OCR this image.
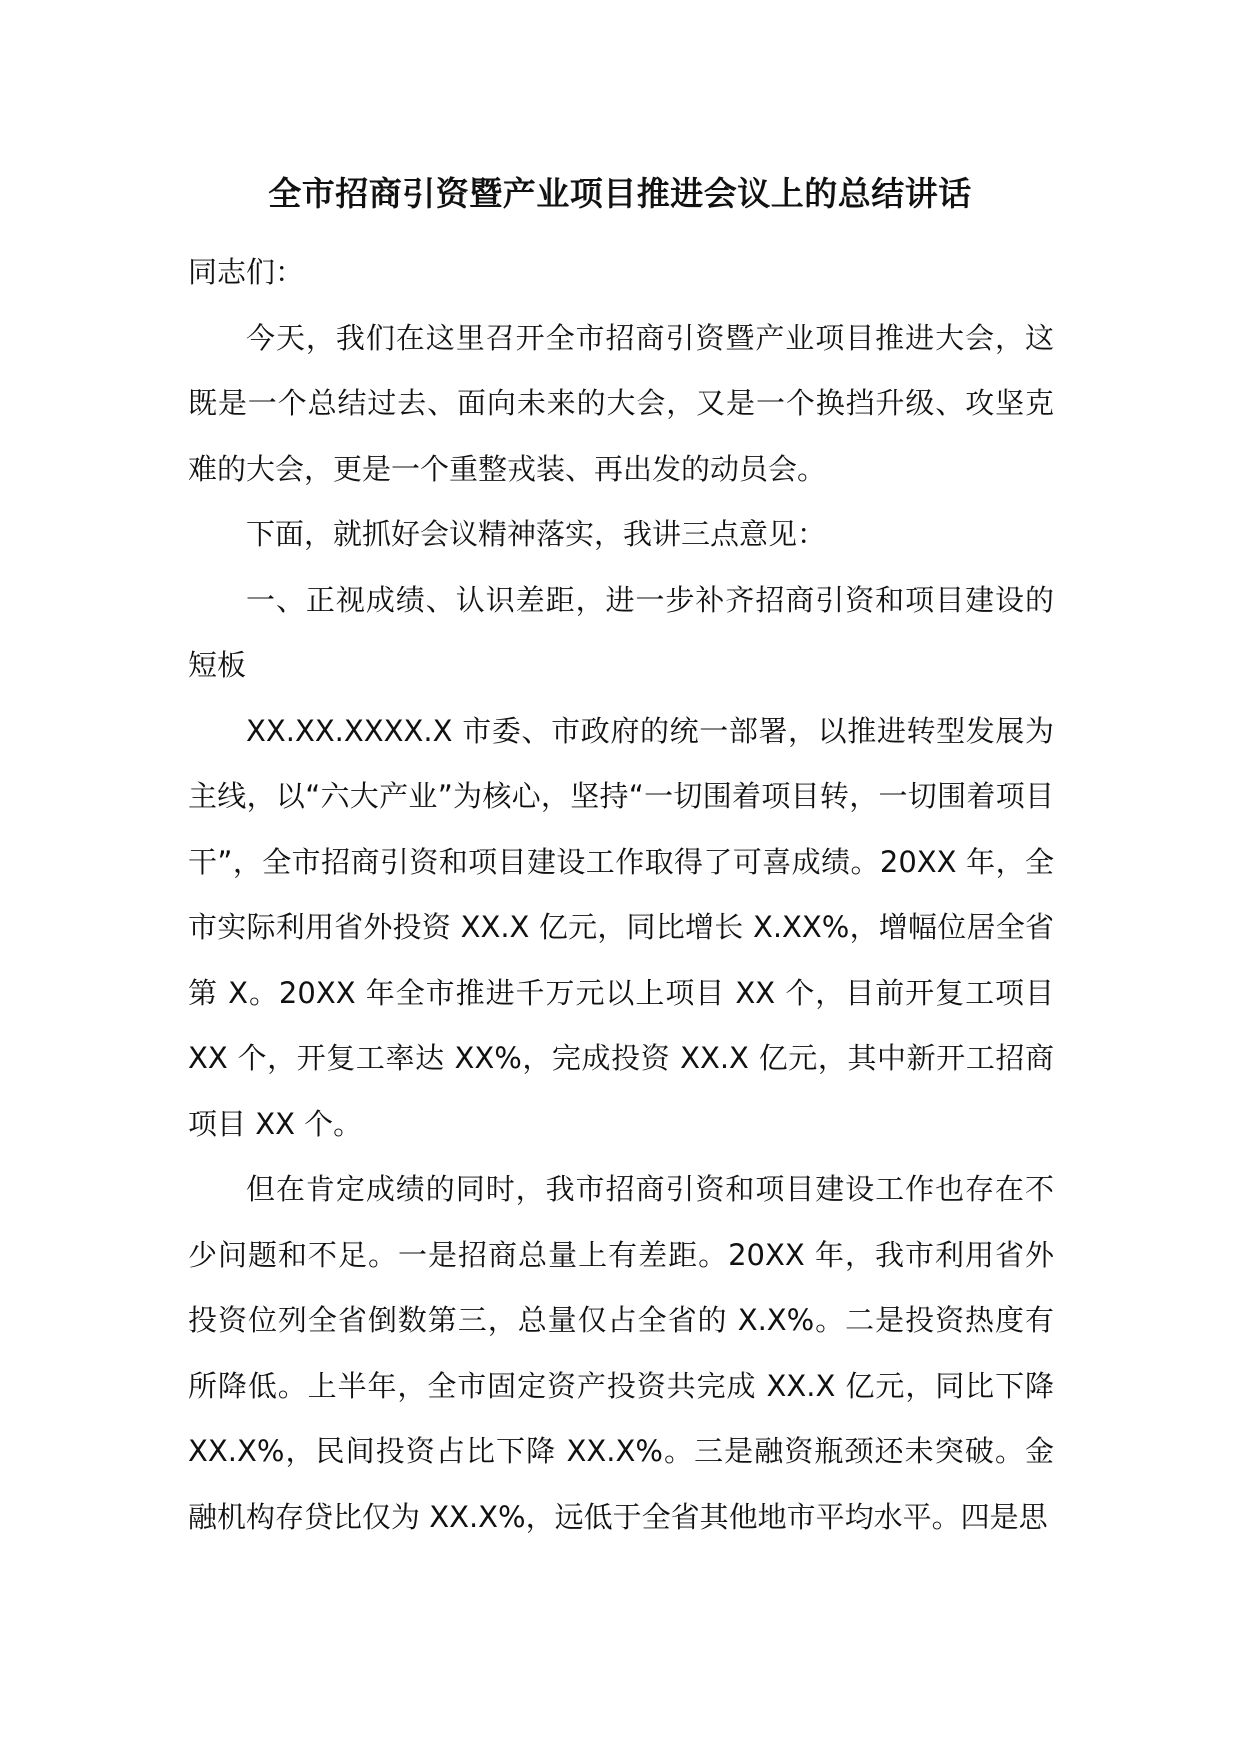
全市招商引资暨产业项目推进会议上的总结讲话

同志们：

今天，我们在这里召开全市招商引资暨产业项目推进大会，这既是一个总结过去、面向未来的大会，又是一个换挡升级、攻坚克难的大会，更是一个重整戎装、再出发的动员会。

下面，就抓好会议精神落实，我讲三点意见：

一、正视成绩、认识差距，进一步补齐招商引资和项目建设的短板

XX.XX.XXXX.X 市委、市政府的统一部署，以推进转型发展为主线，以“六大产业”为核心，坚持“一切围着项目转，一切围着项目干”，全市招商引资和项目建设工作取得了可喜成绩。20XX 年，全市实际利用省外投资 XX.X 亿元，同比增长 X.XX%，增幅位居全省第 X。20XX 年全市推进千万元以上项目 XX 个，目前开复工项目 XX 个，开复工率达 XX%，完成投资 XX.X 亿元，其中新开工招商项目 XX 个。

但在肯定成绩的同时，我市招商引资和项目建设工作也存在不少问题和不足。一是招商总量上有差距。20XX 年，我市利用省外投资位列全省倒数第三，总量仅占全省的 X.X%。二是投资热度有所降低。上半年，全市固定资产投资共完成 XX.X 亿元，同比下降 XX.X%，民间投资占比下降 XX.X%。三是融资瓶颈还未突破。金融机构存贷比仅为 XX.X%，远低于全省其他地市平均水平。四是思
